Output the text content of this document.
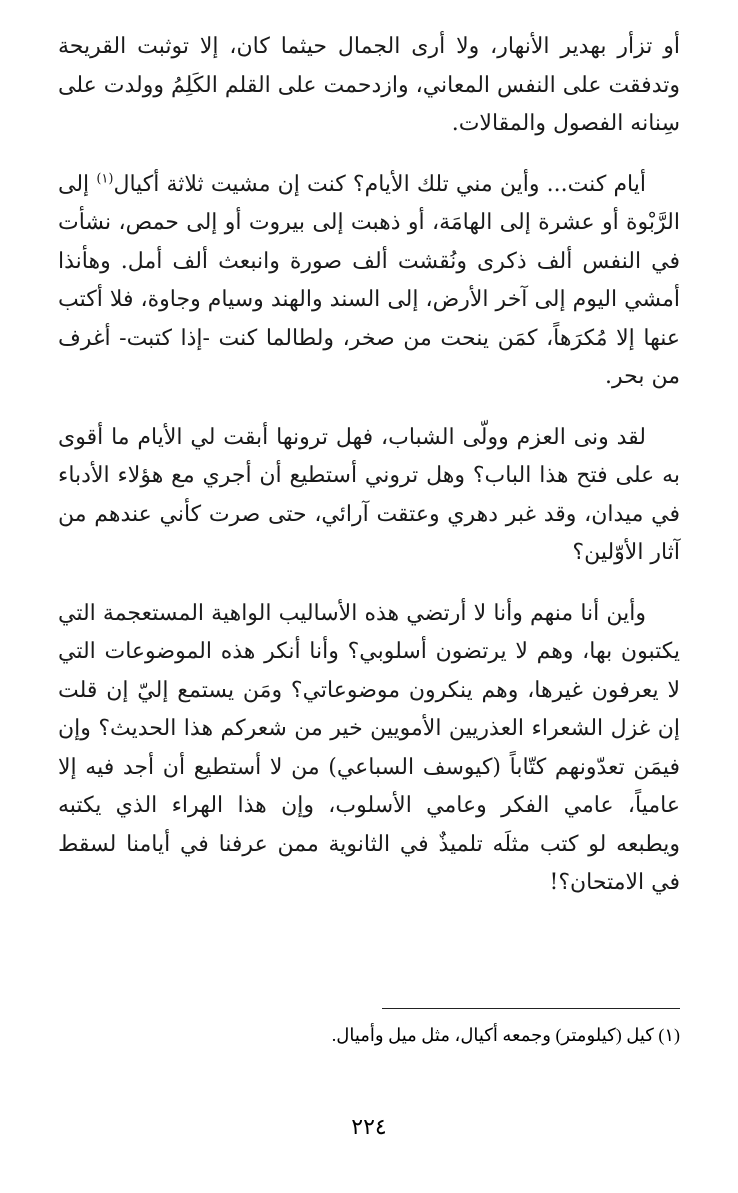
أو تزأر بهدير الأنهار، ولا أرى الجمال حيثما كان، إلا توثبت القريحة وتدفقت على النفس المعاني، وازدحمت على القلم الكَلِمُ وولدت على سِنانه الفصول والمقالات.

أيام كنت... وأين مني تلك الأيام؟ كنت إن مشيت ثلاثة أكيال$^{(١)}$ إلى الرَّبْوة أو عشرة إلى الهامَة، أو ذهبت إلى بيروت أو إلى حمص، نشأت في النفس ألف ذكرى ونُقشت ألف صورة وانبعث ألف أمل. وهأنذا أمشي اليوم إلى آخر الأرض، إلى السند والهند وسيام وجاوة، فلا أكتب عنها إلا مُكرَهاً، كمَن ينحت من صخر، ولطالما كنت -إذا كتبت- أغرف من بحر.

لقد ونى العزم وولّى الشباب، فهل ترونها أبقت لي الأيام ما أقوى به على فتح هذا الباب؟ وهل تروني أستطيع أن أجري مع هؤلاء الأدباء في ميدان، وقد غبر دهري وعتقت آرائي، حتى صرت كأني عندهم من آثار الأوّلين؟

وأين أنا منهم وأنا لا أرتضي هذه الأساليب الواهية المستعجمة التي يكتبون بها، وهم لا يرتضون أسلوبي؟ وأنا أنكر هذه الموضوعات التي لا يعرفون غيرها، وهم ينكرون موضوعاتي؟ ومَن يستمع إليّ إن قلت إن غزل الشعراء العذريين الأمويين خير من شعركم هذا الحديث؟ وإن فيمَن تعدّونهم كتّاباً (كيوسف السباعي) من لا أستطيع أن أجد فيه إلا عامياً، عامي الفكر وعامي الأسلوب، وإن هذا الهراء الذي يكتبه ويطبعه لو كتب مثلَه تلميذٌ في الثانوية ممن عرفنا في أيامنا لسقط في الامتحان؟!

(١) كيل (كيلومتر) وجمعه أكيال، مثل ميل وأميال.

٢٢٤
